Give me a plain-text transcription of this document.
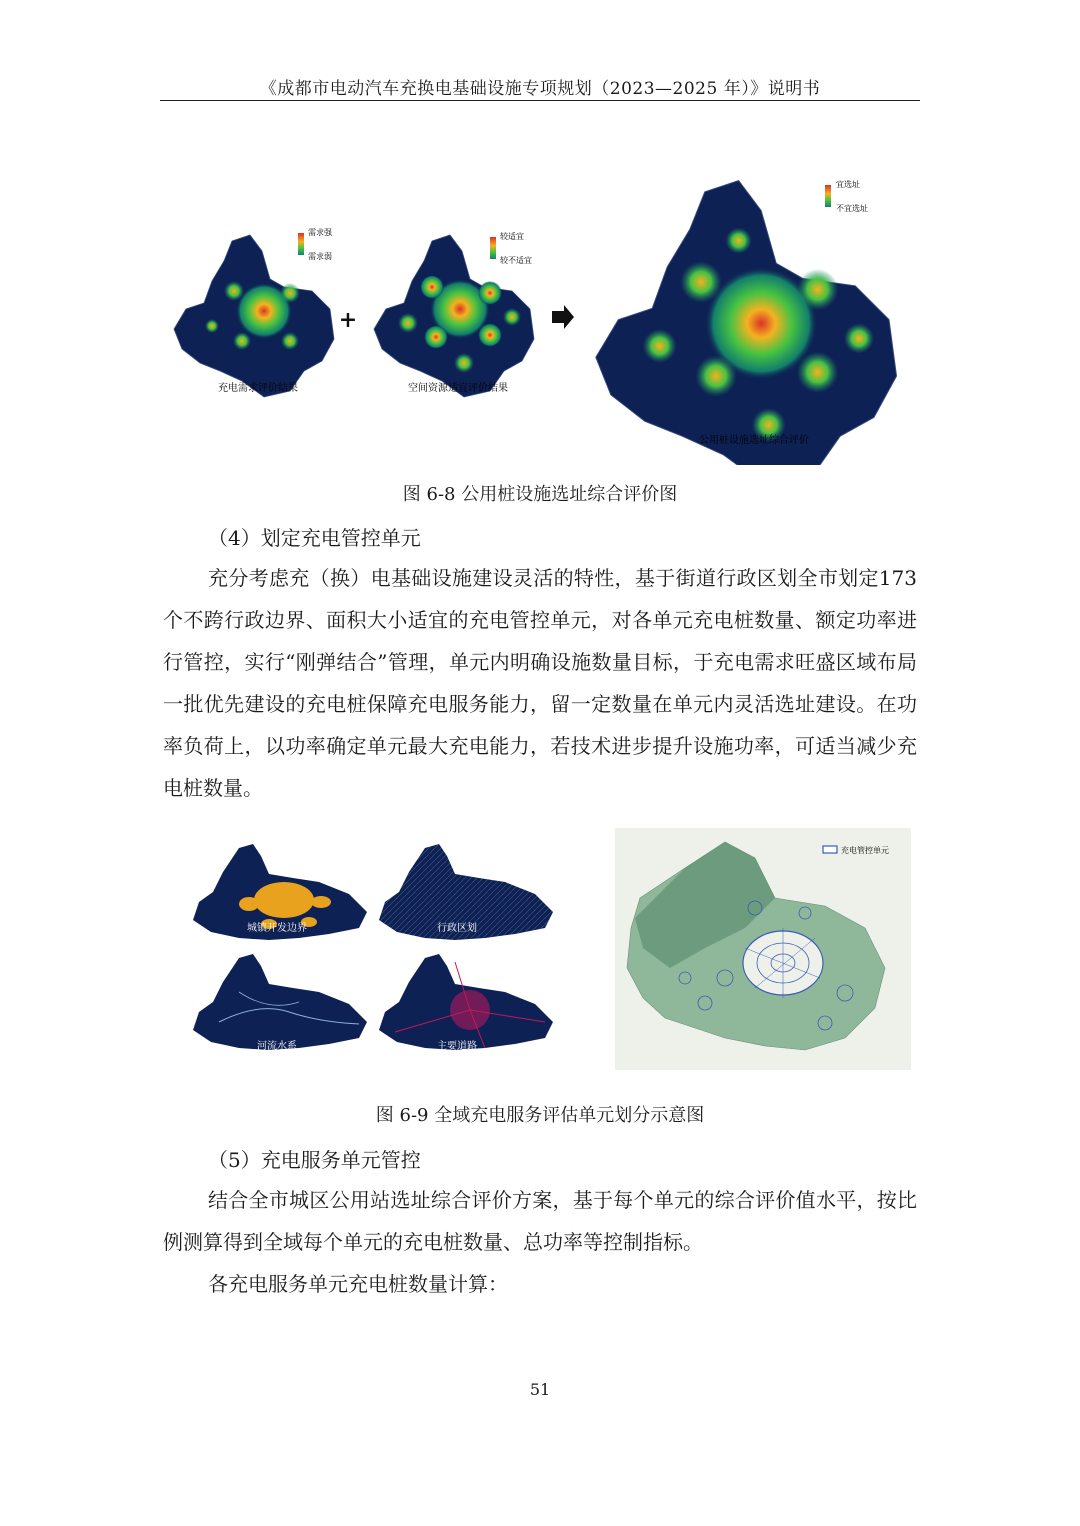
《成都市电动汽车充换电基础设施专项规划（2023—2025 年）》说明书
需求强
需求弱
充电需求评价结果
+
较适宜
较不适宜
空间资源适宜评价结果
宜选址
不宜选址
公用桩设施选址综合评价
图 6-8 公用桩设施选址综合评价图
（4）划定充电管控单元

充分考虑充（换）电基础设施建设灵活的特性，基于街道行政区划全市划定173 个不跨行政边界、面积大小适宜的充电管控单元，对各单元充电桩数量、额定功率进行管控，实行“刚弹结合”管理，单元内明确设施数量目标，于充电需求旺盛区域布局一批优先建设的充电桩保障充电服务能力，留一定数量在单元内灵活选址建设。在功率负荷上，以功率确定单元最大充电能力，若技术进步提升设施功率，可适当减少充电桩数量。

城镇开发边界	行政区划
河流水系	主要道路
充电管控单元
图 6-9 全域充电服务评估单元划分示意图
（5）充电服务单元管控

结合全市城区公用站选址综合评价方案，基于每个单元的综合评价值水平，按比例测算得到全域每个单元的充电桩数量、总功率等控制指标。

各充电服务单元充电桩数量计算：

51
